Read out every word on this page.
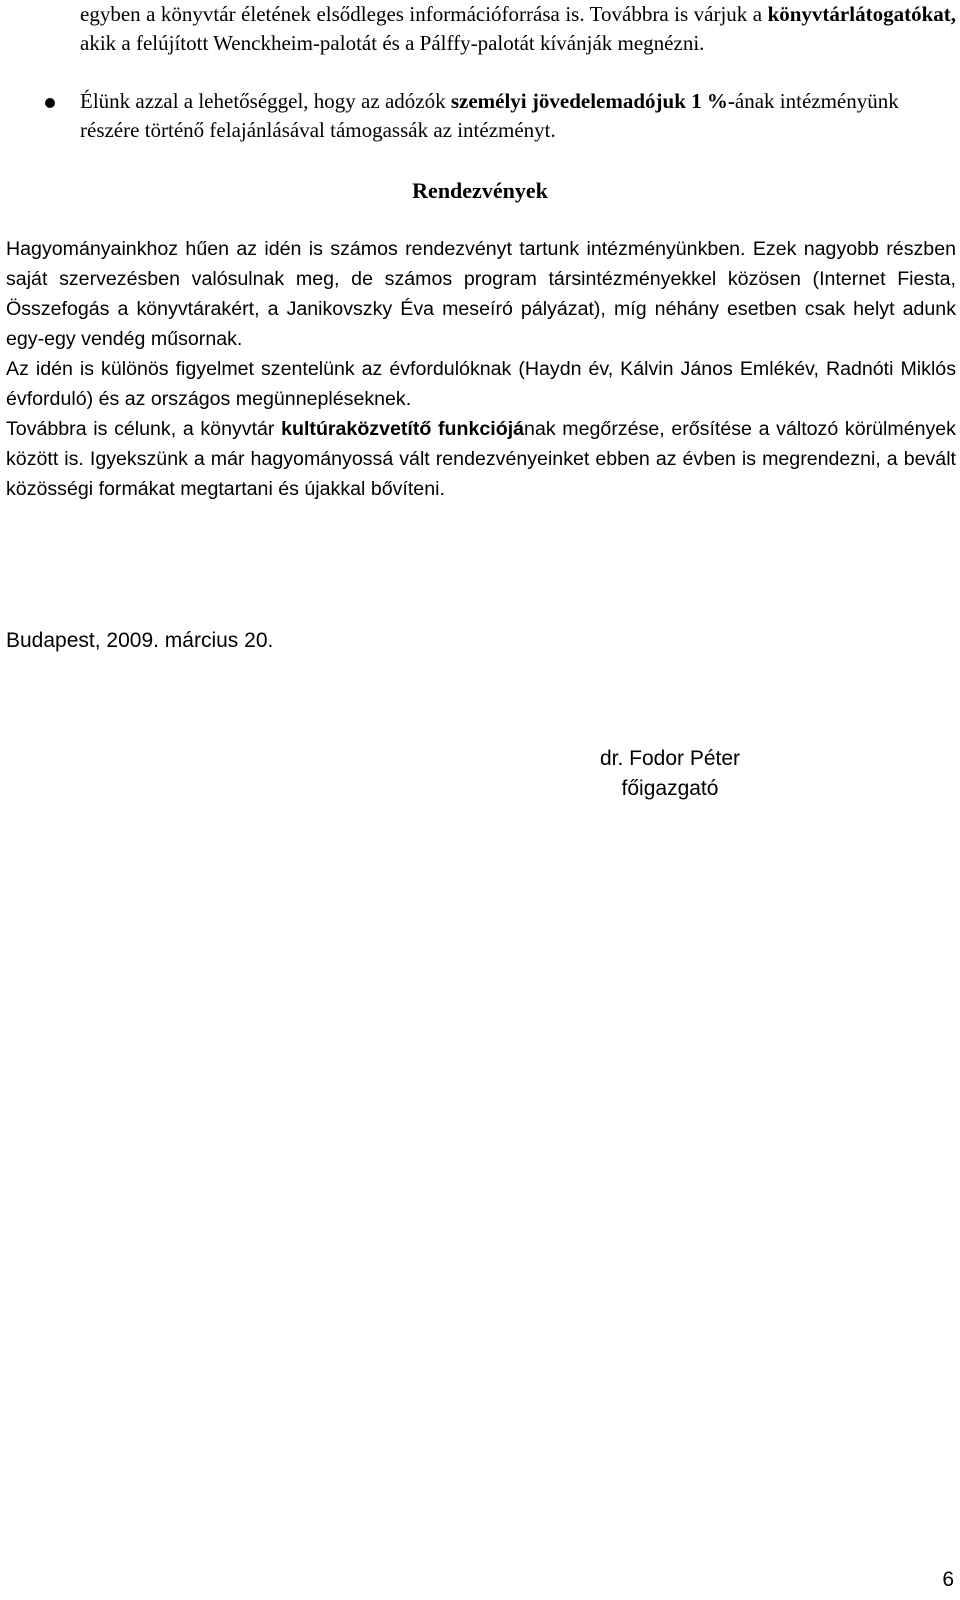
egyben a könyvtár életének elsődleges információforrása is. Továbbra is várjuk a könyvtárlátogatókat, akik a felújított Wenckheim-palotát és a Pálffy-palotát kívánják megnézni.
Élünk azzal a lehetőséggel, hogy az adózók személyi jövedelemadójuk 1 %-ának intézményünk részére történő felajánlásával támogassák az intézményt.
Rendezvények

Hagyományainkhoz hűen az idén is számos rendezvényt tartunk intézményünkben. Ezek nagyobb részben saját szervezésben valósulnak meg, de számos program társintézményekkel közösen (Internet Fiesta, Összefogás a könyvtárakért, a Janikovszky Éva meseíró pályázat), míg néhány esetben csak helyt adunk egy-egy vendég műsornak.

Az idén is különös figyelmet szentelünk az évfordulóknak (Haydn év, Kálvin János Emlékév, Radnóti Miklós évforduló) és az országos megünnepléseknek.

Továbbra is célunk, a könyvtár kultúraközvetítő funkciójának megőrzése, erősítése a változó körülmények között is. Igyekszünk a már hagyományossá vált rendezvényeinket ebben az évben is megrendezni, a bevált közösségi formákat megtartani és újakkal bővíteni.

Budapest, 2009. március 20.
dr. Fodor Péter
főigazgató
6
